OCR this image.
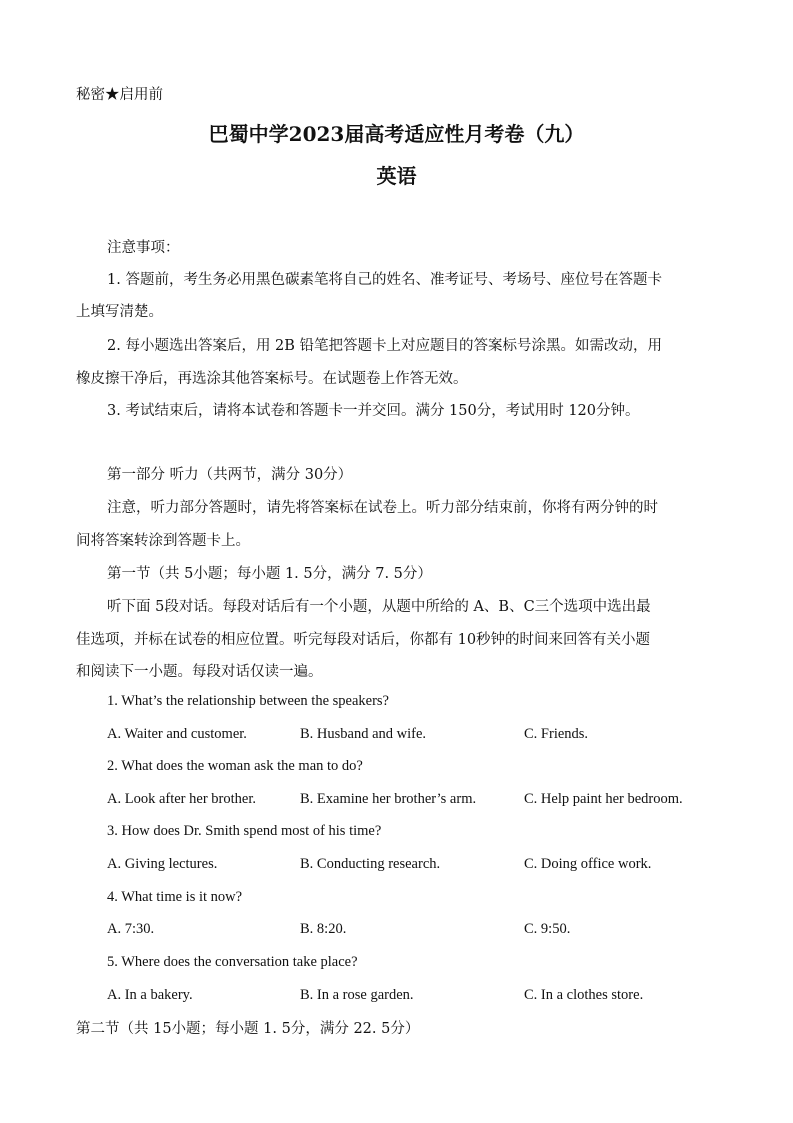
秘密★启用前
巴蜀中学2023届高考适应性月考卷（九）
英语
注意事项：
1. 答题前，考生务必用黑色碳素笔将自己的姓名、准考证号、考场号、座位号在答题卡
上填写清楚。
2. 每小题选出答案后，用 2B 铅笔把答题卡上对应题目的答案标号涂黑。如需改动，用
橡皮擦干净后，再选涂其他答案标号。在试题卷上作答无效。
3. 考试结束后，请将本试卷和答题卡一并交回。满分 150分，考试用时 120分钟。
第一部分 听力（共两节，满分 30分）
注意，听力部分答题时，请先将答案标在试卷上。听力部分结束前，你将有两分钟的时
间将答案转涂到答题卡上。
第一节（共 5小题；每小题 1. 5分，满分 7. 5分）
听下面 5段对话。每段对话后有一个小题，从题中所给的 A、B、C三个选项中选出最
佳选项，并标在试卷的相应位置。听完每段对话后，你都有 10秒钟的时间来回答有关小题
和阅读下一小题。每段对话仅读一遍。
1. What’s the relationship between the speakers?
A. Waiter and customer.	B. Husband and wife.	C. Friends.
2. What does the woman ask the man to do?
A. Look after her brother.	B. Examine her brother’s arm.	C. Help paint her bedroom.
3. How does Dr. Smith spend most of his time?
A. Giving lectures.	B. Conducting research.	C. Doing office work.
4. What time is it now?
A. 7:30.	B. 8:20.	C. 9:50.
5. Where does the conversation take place?
A. In a bakery.	B. In a rose garden.	C. In a clothes store.
第二节（共 15小题；每小题 1. 5分，满分 22. 5分）
